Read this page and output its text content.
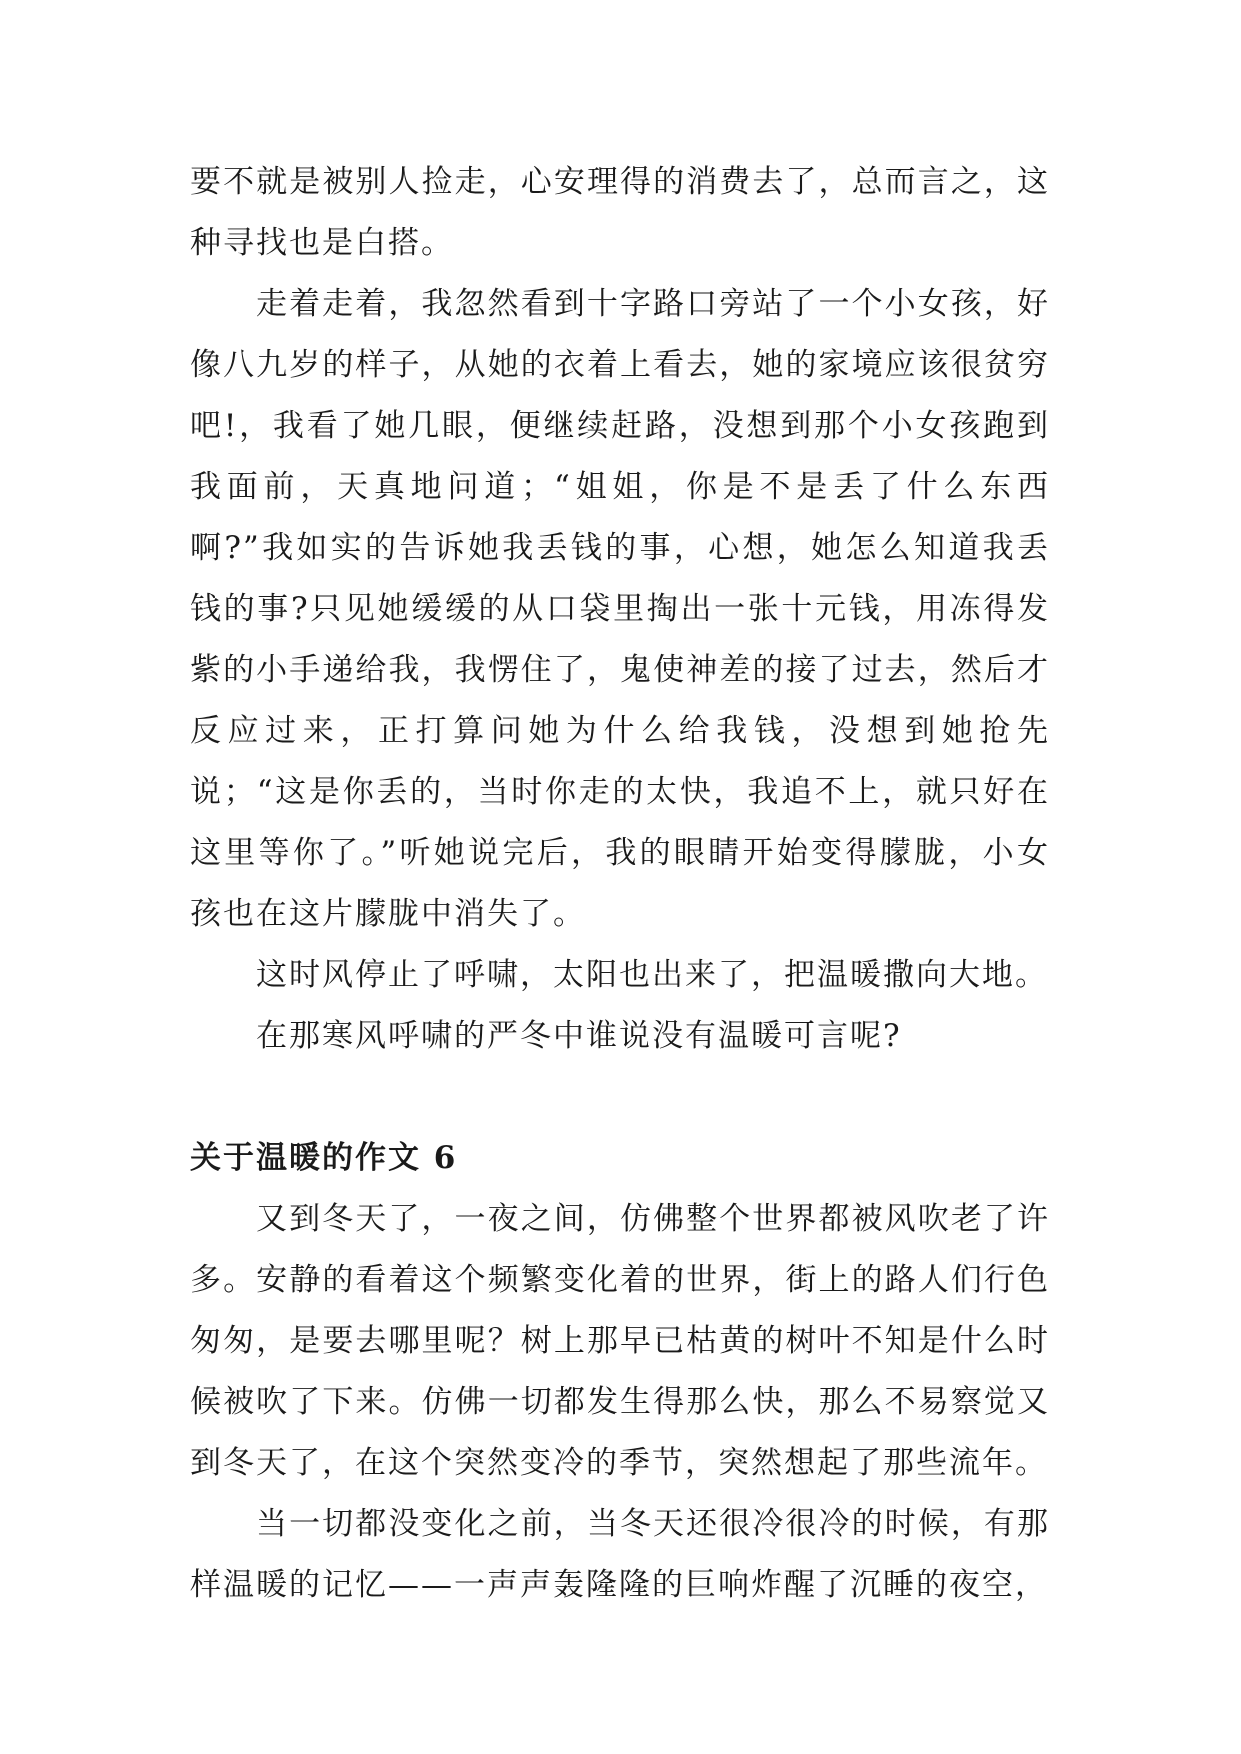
要不就是被别人捡走，心安理得的消费去了，总而言之，这种寻找也是白搭。

走着走着，我忽然看到十字路口旁站了一个小女孩，好像八九岁的样子，从她的衣着上看去，她的家境应该很贫穷吧!，我看了她几眼，便继续赶路，没想到那个小女孩跑到我面前，天真地问道；“姐姐，你是不是丢了什么东西啊?”我如实的告诉她我丢钱的事，心想，她怎么知道我丢钱的事?只见她缓缓的从口袋里掏出一张十元钱，用冻得发紫的小手递给我，我愣住了，鬼使神差的接了过去，然后才反应过来，正打算问她为什么给我钱，没想到她抢先说；“这是你丢的，当时你走的太快，我追不上，就只好在这里等你了。”听她说完后，我的眼睛开始变得朦胧，小女孩也在这片朦胧中消失了。

这时风停止了呼啸，太阳也出来了，把温暖撒向大地。

在那寒风呼啸的严冬中谁说没有温暖可言呢?

关于温暖的作文 6

又到冬天了，一夜之间，仿佛整个世界都被风吹老了许多。安静的看着这个频繁变化着的世界，街上的路人们行色匆匆，是要去哪里呢？树上那早已枯黄的树叶不知是什么时候被吹了下来。仿佛一切都发生得那么快，那么不易察觉又到冬天了，在这个突然变冷的季节，突然想起了那些流年。

当一切都没变化之前，当冬天还很冷很冷的时候，有那样温暖的记忆——一声声轰隆隆的巨响炸醒了沉睡的夜空，
